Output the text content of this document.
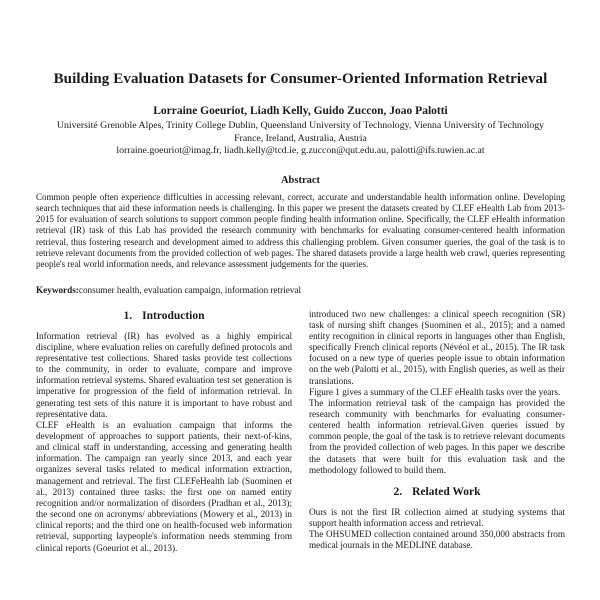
Building Evaluation Datasets for Consumer-Oriented Information Retrieval
Lorraine Goeuriot, Liadh Kelly, Guido Zuccon, Joao Palotti
Université Grenoble Alpes, Trinity College Dublin, Queensland University of Technology, Vienna University of Technology
France, Ireland, Australia, Austria
lorraine.goeuriot@imag.fr, liadh.kelly@tcd.ie, g.zuccon@qut.edu.au, palotti@ifs.tuwien.ac.at
Abstract
Common people often experience difficulties in accessing relevant, correct, accurate and understandable health information online. Developing search techniques that aid these information needs is challenging. In this paper we present the datasets created by CLEF eHealth Lab from 2013-2015 for evaluation of search solutions to support common people finding health information online. Specifically, the CLEF eHealth information retrieval (IR) task of this Lab has provided the research community with benchmarks for evaluating consumer-centered health information retrieval, thus fostering research and development aimed to address this challenging problem. Given consumer queries, the goal of the task is to retrieve relevant documents from the provided collection of web pages. The shared datasets provide a large health web crawl, queries representing people's real world information needs, and relevance assessment judgements for the queries.
Keywords:consumer health, evaluation campaign, information retrieval
1. Introduction

Information retrieval (IR) has evolved as a highly empirical discipline, where evaluation relies on carefully defined protocols and representative test collections. Shared tasks provide test collections to the community, in order to evaluate, compare and improve information retrieval systems. Shared evaluation test set generation is imperative for progression of the field of information retrieval. In generating test sets of this nature it is important to have robust and representative data.

CLEF eHealth is an evaluation campaign that informs the development of approaches to support patients, their next-of-kins, and clinical staff in understanding, accessing and generating health information. The campaign ran yearly since 2013, and each year organizes several tasks related to medical information extraction, management and retrieval. The first CLEFeHealth lab (Suominen et al., 2013) contained three tasks: the first one on named entity recognition and/or normalization of disorders (Pradhan et al., 2013); the second one on acronyms/ abbreviations (Mowery et al., 2013) in clinical reports; and the third one on health-focused web information retrieval, supporting laypeople's information needs stemming from clinical reports (Goeuriot et al., 2013).

introduced two new challenges: a clinical speech recognition (SR) task of nursing shift changes (Suominen et al., 2015); and a named entity recognition in clinical reports in languages other than English, specifically French clinical reports (Névéol et al., 2015). The IR task focused on a new type of queries people issue to obtain information on the web (Palotti et al., 2015), with English queries, as well as their translations.

Figure 1 gives a summary of the CLEF eHealth tasks over the years.

The information retrieval task of the campaign has provided the research community with benchmarks for evaluating consumer-centered health information retrieval.Given queries issued by common people, the goal of the task is to retrieve relevant documents from the provided collection of web pages. In this paper we describe the datasets that were built for this evaluation task and the methodology followed to build them.

2. Related Work

Ours is not the first IR collection aimed at studying systems that support health information access and retrieval.

The OHSUMED collection contained around 350,000 abstracts from medical journals in the MEDLINE database.
